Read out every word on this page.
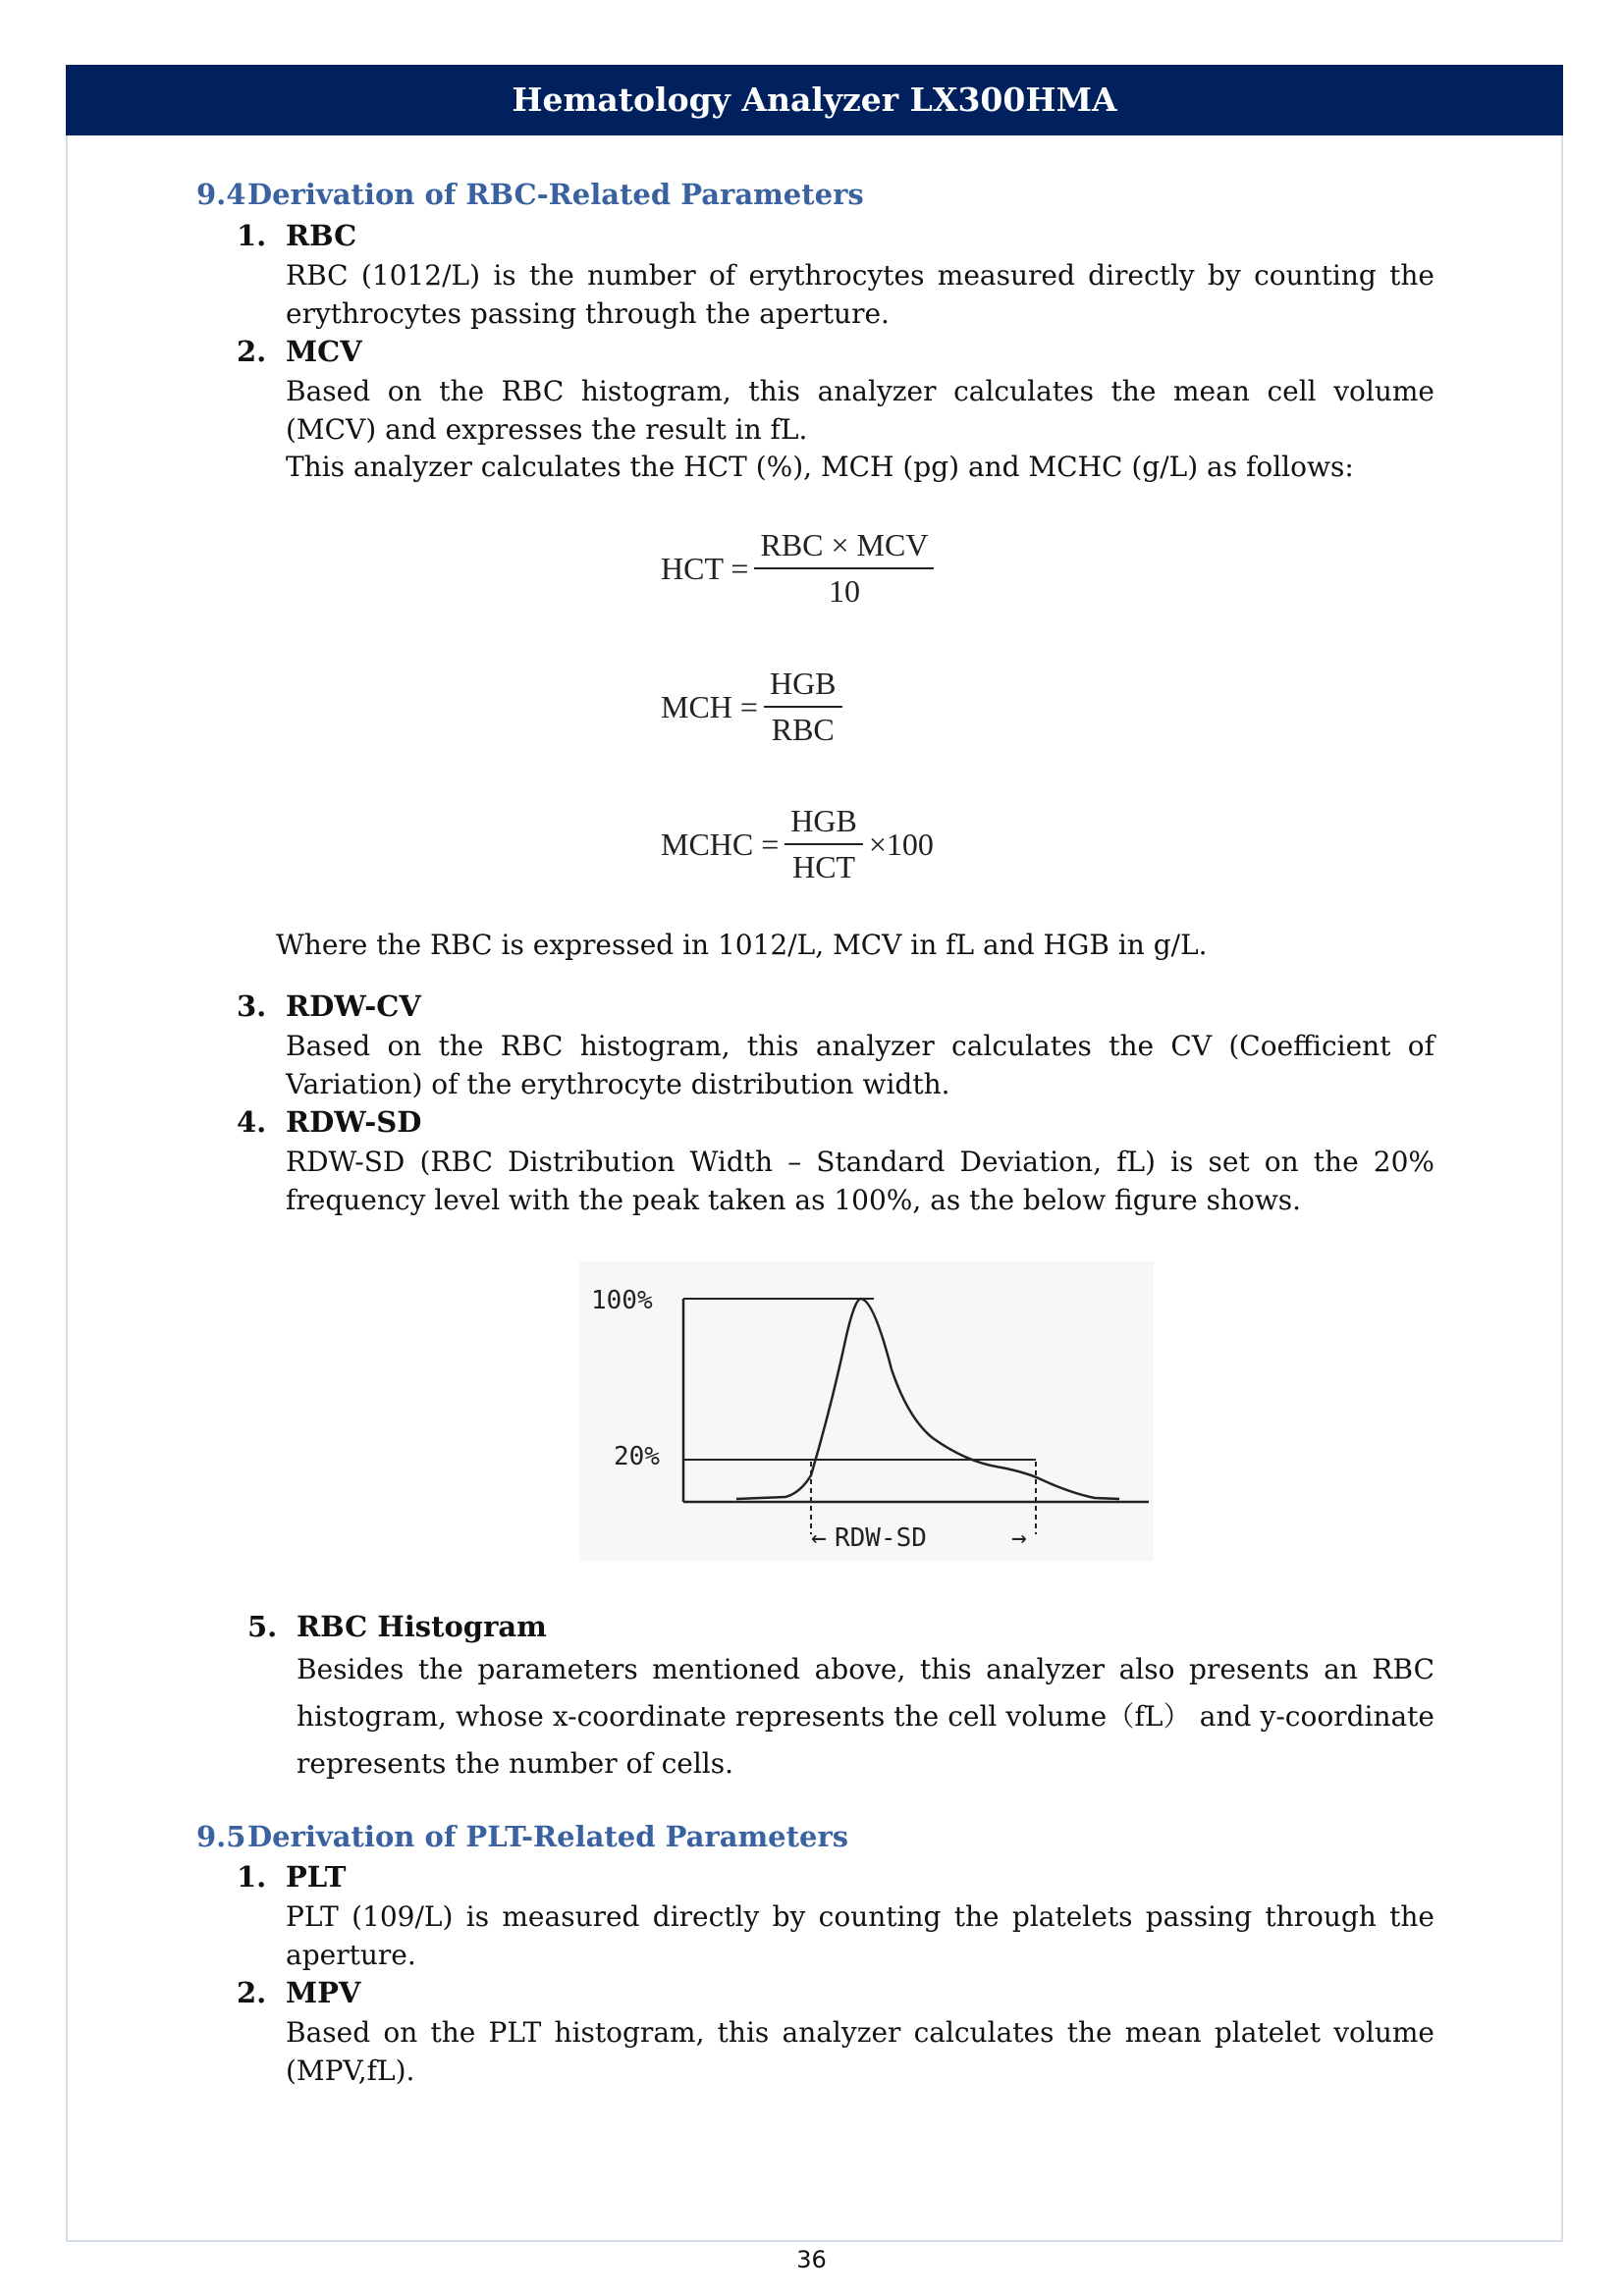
Hematology Analyzer LX300HMA
9.4Derivation of RBC-Related Parameters
1. RBC
RBC (1012/L) is the number of erythrocytes measured directly by counting the erythrocytes passing through the aperture.
2. MCV
Based on the RBC histogram, this analyzer calculates the mean cell volume (MCV) and expresses the result in fL.
This analyzer calculates the HCT (%), MCH (pg) and MCHC (g/L) as follows:
HCT = $\frac{\text{RBC × MCV}}{10}$
MCH = $\frac{\text{HGB}}{\text{RBC}}$
MCHC = $\frac{\text{HGB}}{\text{HCT}} \times 100$
Where the RBC is expressed in 1012/L, MCV in fL and HGB in g/L.
3. RDW-CV
Based on the RBC histogram, this analyzer calculates the CV (Coefficient of Variation) of the erythrocyte distribution width.
4. RDW-SD
RDW-SD (RBC Distribution Width – Standard Deviation, fL) is set on the 20% frequency level with the peak taken as 100%, as the below figure shows.
100%
20%
← RDW-SD	→
5. RBC Histogram
Besides the parameters mentioned above, this analyzer also presents an RBC histogram, whose x-coordinate represents the cell volume（fL） and y-coordinate represents the number of cells.
9.5Derivation of PLT-Related Parameters
1. PLT
PLT (109/L) is measured directly by counting the platelets passing through the aperture.
2. MPV
Based on the PLT histogram, this analyzer calculates the mean platelet volume (MPV,fL).
36
